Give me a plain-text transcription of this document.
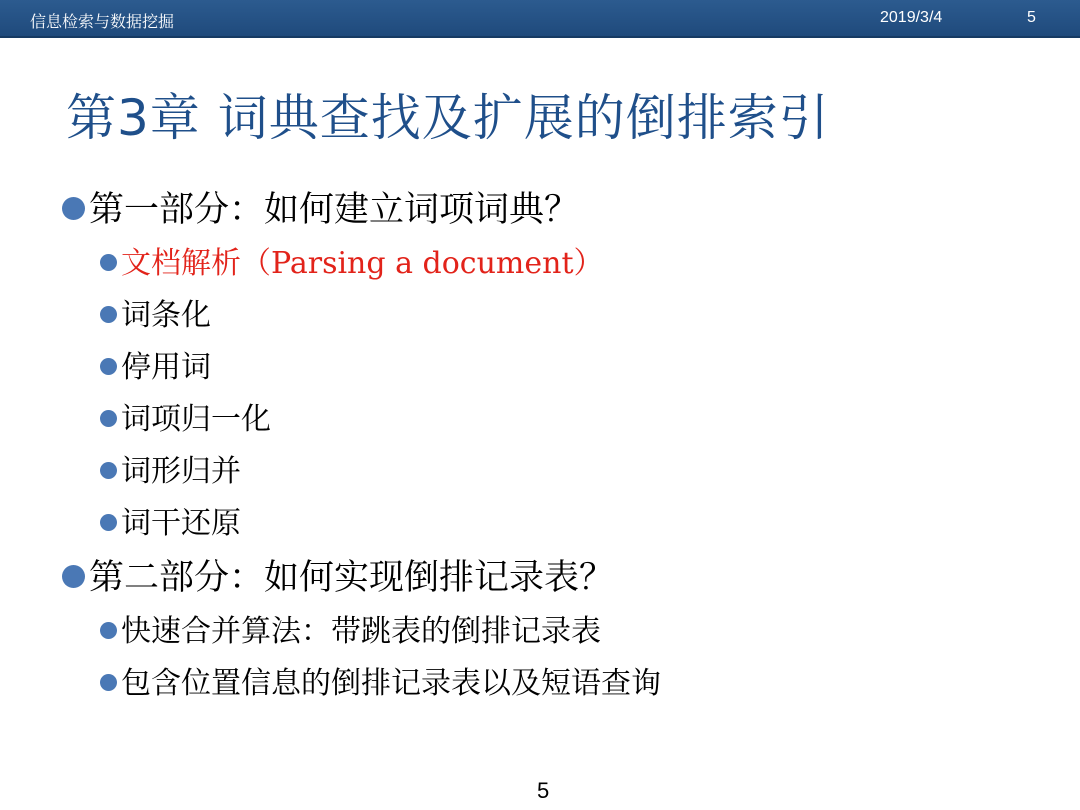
信息检索与数据挖掘	2019/3/4	5
第3章 词典查找及扩展的倒排索引
第一部分：如何建立词项词典？
文档解析（Parsing a document）
词条化
停用词
词项归一化
词形归并
词干还原
第二部分：如何实现倒排记录表？
快速合并算法：带跳表的倒排记录表
包含位置信息的倒排记录表以及短语查询
5
